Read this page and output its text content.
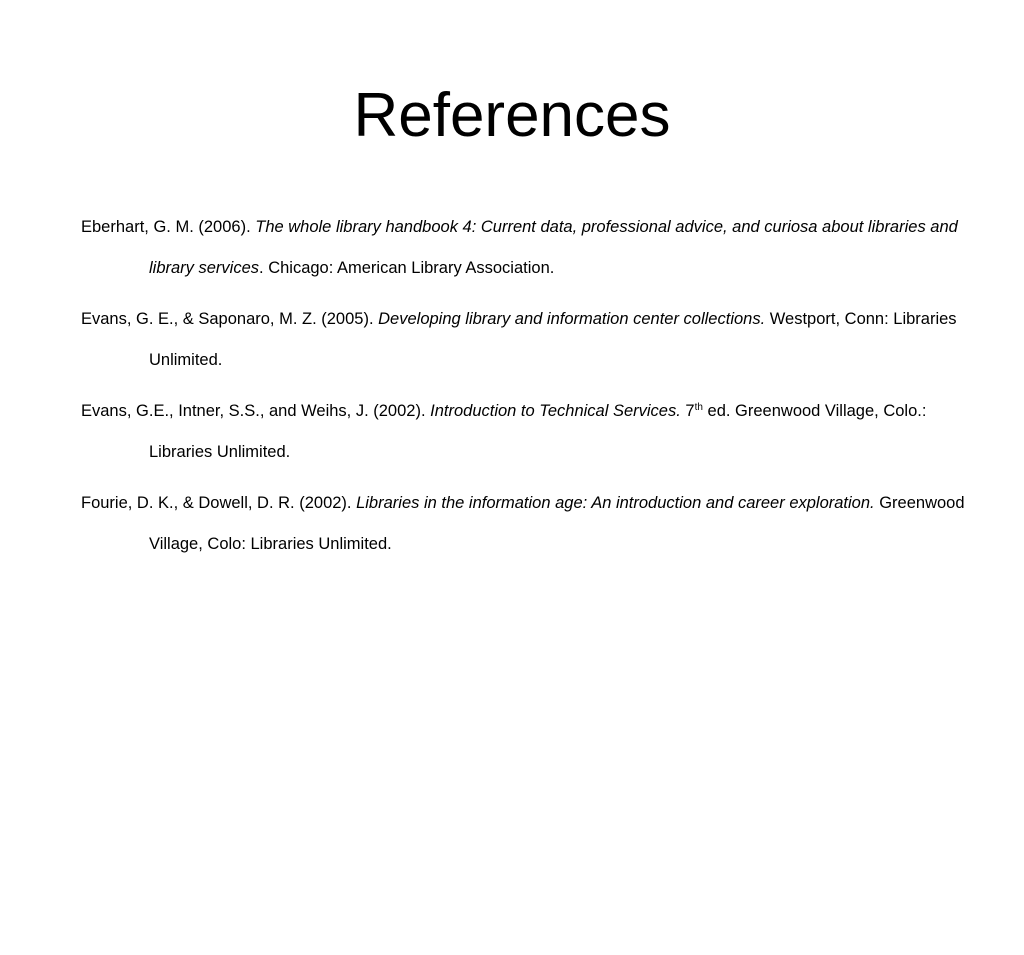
References
Eberhart, G. M. (2006). The whole library handbook 4: Current data, professional advice, and curiosa about libraries and library services. Chicago: American Library Association.
Evans, G. E., & Saponaro, M. Z. (2005). Developing library and information center collections. Westport, Conn: Libraries Unlimited.
Evans, G.E., Intner, S.S., and Weihs, J. (2002). Introduction to Technical Services. 7th ed. Greenwood Village, Colo.: Libraries Unlimited.
Fourie, D. K., & Dowell, D. R. (2002). Libraries in the information age: An introduction and career exploration. Greenwood Village, Colo: Libraries Unlimited.
